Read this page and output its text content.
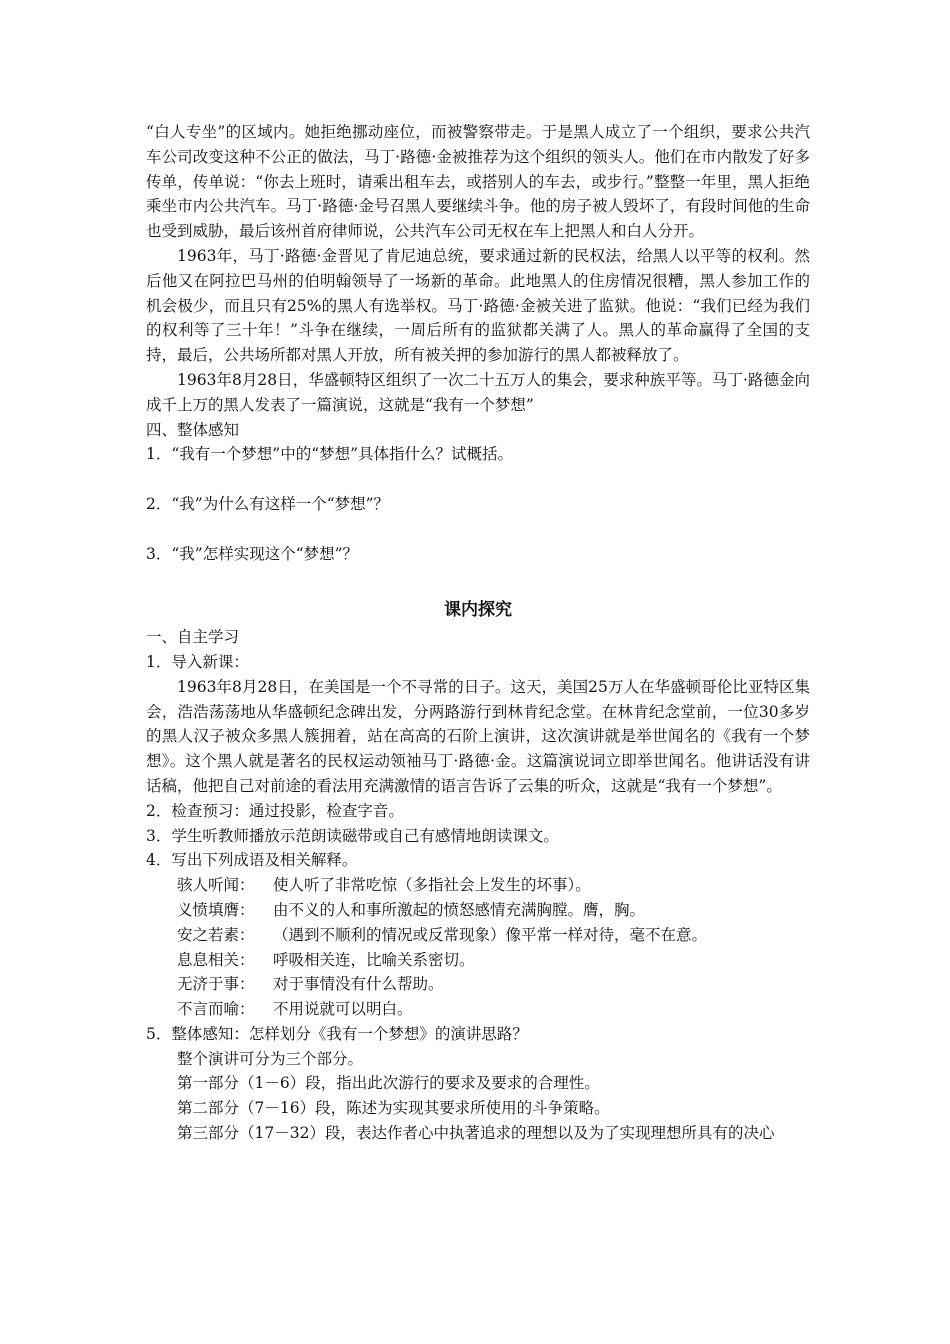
“白人专坐”的区域内。她拒绝挪动座位，而被警察带走。于是黑人成立了一个组织，要求公共汽车公司改变这种不公正的做法，马丁·路德·金被推荐为这个组织的领头人。他们在市内散发了好多传单，传单说：“你去上班时，请乘出租车去，或搭别人的车去，或步行。”整整一年里，黑人拒绝乘坐市内公共汽车。马丁·路德·金号召黑人要继续斗争。他的房子被人毁坏了，有段时间他的生命也受到威胁，最后该州首府律师说，公共汽车公司无权在车上把黑人和白人分开。

1963年，马丁·路德·金晋见了肯尼迪总统，要求通过新的民权法，给黑人以平等的权利。然后他又在阿拉巴马州的伯明翰领导了一场新的革命。此地黑人的住房情况很糟，黑人参加工作的机会极少，而且只有25%的黑人有选举权。马丁·路德·金被关进了监狱。他说：“我们已经为我们的权利等了三十年！”斗争在继续，一周后所有的监狱都关满了人。黑人的革命赢得了全国的支持，最后，公共场所都对黑人开放，所有被关押的参加游行的黑人都被释放了。

1963年8月28日，华盛顿特区组织了一次二十五万人的集会，要求种族平等。马丁·路德金向成千上万的黑人发表了一篇演说，这就是“我有一个梦想”

四、整体感知

1．“我有一个梦想”中的“梦想”具体指什么？试概括。

2．“我”为什么有这样一个“梦想”？

3．“我”怎样实现这个“梦想”？

课内探究

一、自主学习

1．导入新课：

1963年8月28日，在美国是一个不寻常的日子。这天，美国25万人在华盛顿哥伦比亚特区集会，浩浩荡荡地从华盛顿纪念碑出发，分两路游行到林肯纪念堂。在林肯纪念堂前，一位30多岁的黑人汉子被众多黑人簇拥着，站在高高的石阶上演讲，这次演讲就是举世闻名的《我有一个梦想》。这个黑人就是著名的民权运动领袖马丁·路德·金。这篇演说词立即举世闻名。他讲话没有讲话稿，他把自己对前途的看法用充满激情的语言告诉了云集的听众，这就是“我有一个梦想”。

2．检查预习：通过投影，检查字音。

3．学生听教师播放示范朗读磁带或自己有感情地朗读课文。

4．写出下列成语及相关解释。

骇人听闻：	使人听了非常吃惊（多指社会上发生的坏事）。
义愤填膺：	由不义的人和事所激起的愤怒感情充满胸膛。膺，胸。
安之若素：	（遇到不顺利的情况或反常现象）像平常一样对待，毫不在意。
息息相关：	呼吸相关连，比喻关系密切。
无济于事：	对于事情没有什么帮助。
不言而喻：	不用说就可以明白。

5．整体感知：怎样划分《我有一个梦想》的演讲思路？

整个演讲可分为三个部分。

第一部分（1－6）段，指出此次游行的要求及要求的合理性。

第二部分（7－16）段，陈述为实现其要求所使用的斗争策略。

第三部分（17－32）段，表达作者心中执著追求的理想以及为了实现理想所具有的决心
